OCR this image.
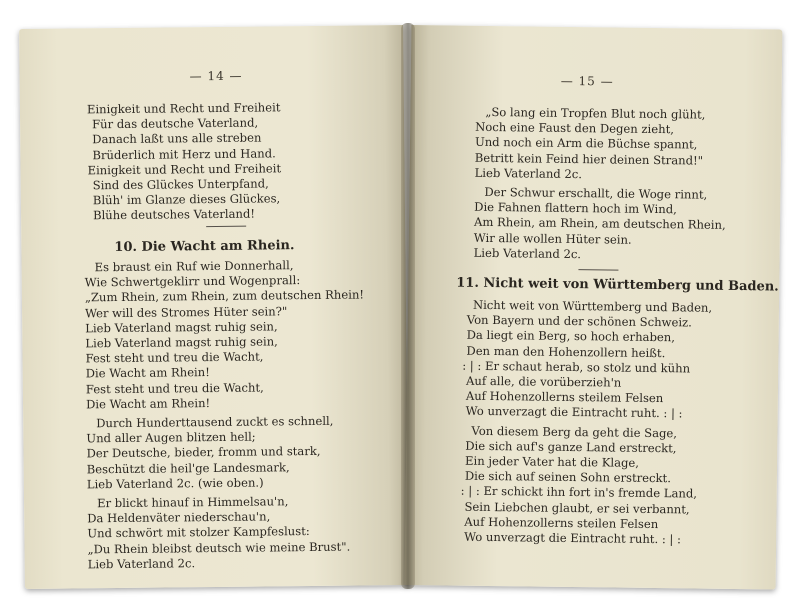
— 14 —
Einigkeit und Recht und Freiheit
Für das deutsche Vaterland,
Danach laßt uns alle streben
Brüderlich mit Herz und Hand.
Einigkeit und Recht und Freiheit
Sind des Glückes Unterpfand,
Blüh' im Glanze dieses Glückes,
Blühe deutsches Vaterland!
10. Die Wacht am Rhein.
Es braust ein Ruf wie Donnerhall,
Wie Schwertgeklirr und Wogenprall:
„Zum Rhein, zum Rhein, zum deutschen Rhein!
Wer will des Stromes Hüter sein?"
Lieb Vaterland magst ruhig sein,
Lieb Vaterland magst ruhig sein,
Fest steht und treu die Wacht,
Die Wacht am Rhein!
Fest steht und treu die Wacht,
Die Wacht am Rhein!
Durch Hunderttausend zuckt es schnell,
Und aller Augen blitzen hell;
Der Deutsche, bieder, fromm und stark,
Beschützt die heil'ge Landesmark,
Lieb Vaterland 2c. (wie oben.)
Er blickt hinauf in Himmelsau'n,
Da Heldenväter niederschau'n,
Und schwört mit stolzer Kampfeslust:
„Du Rhein bleibst deutsch wie meine Brust".
Lieb Vaterland 2c.
— 15 —
„So lang ein Tropfen Blut noch glüht,
Noch eine Faust den Degen zieht,
Und noch ein Arm die Büchse spannt,
Betritt kein Feind hier deinen Strand!"
Lieb Vaterland 2c.
Der Schwur erschallt, die Woge rinnt,
Die Fahnen flattern hoch im Wind,
Am Rhein, am Rhein, am deutschen Rhein,
Wir alle wollen Hüter sein.
Lieb Vaterland 2c.
11. Nicht weit von Württemberg und Baden.
Nicht weit von Württemberg und Baden,
Von Bayern und der schönen Schweiz.
Da liegt ein Berg, so hoch erhaben,
Den man den Hohenzollern heißt.
: | : Er schaut herab, so stolz und kühn
Auf alle, die vorüberzieh'n
Auf Hohenzollerns steilem Felsen
Wo unverzagt die Eintracht ruht. : | :
Von diesem Berg da geht die Sage,
Die sich auf's ganze Land erstreckt,
Ein jeder Vater hat die Klage,
Die sich auf seinen Sohn erstreckt.
: | : Er schickt ihn fort in's fremde Land,
Sein Liebchen glaubt, er sei verbannt,
Auf Hohenzollerns steilen Felsen
Wo unverzagt die Eintracht ruht. : | :
